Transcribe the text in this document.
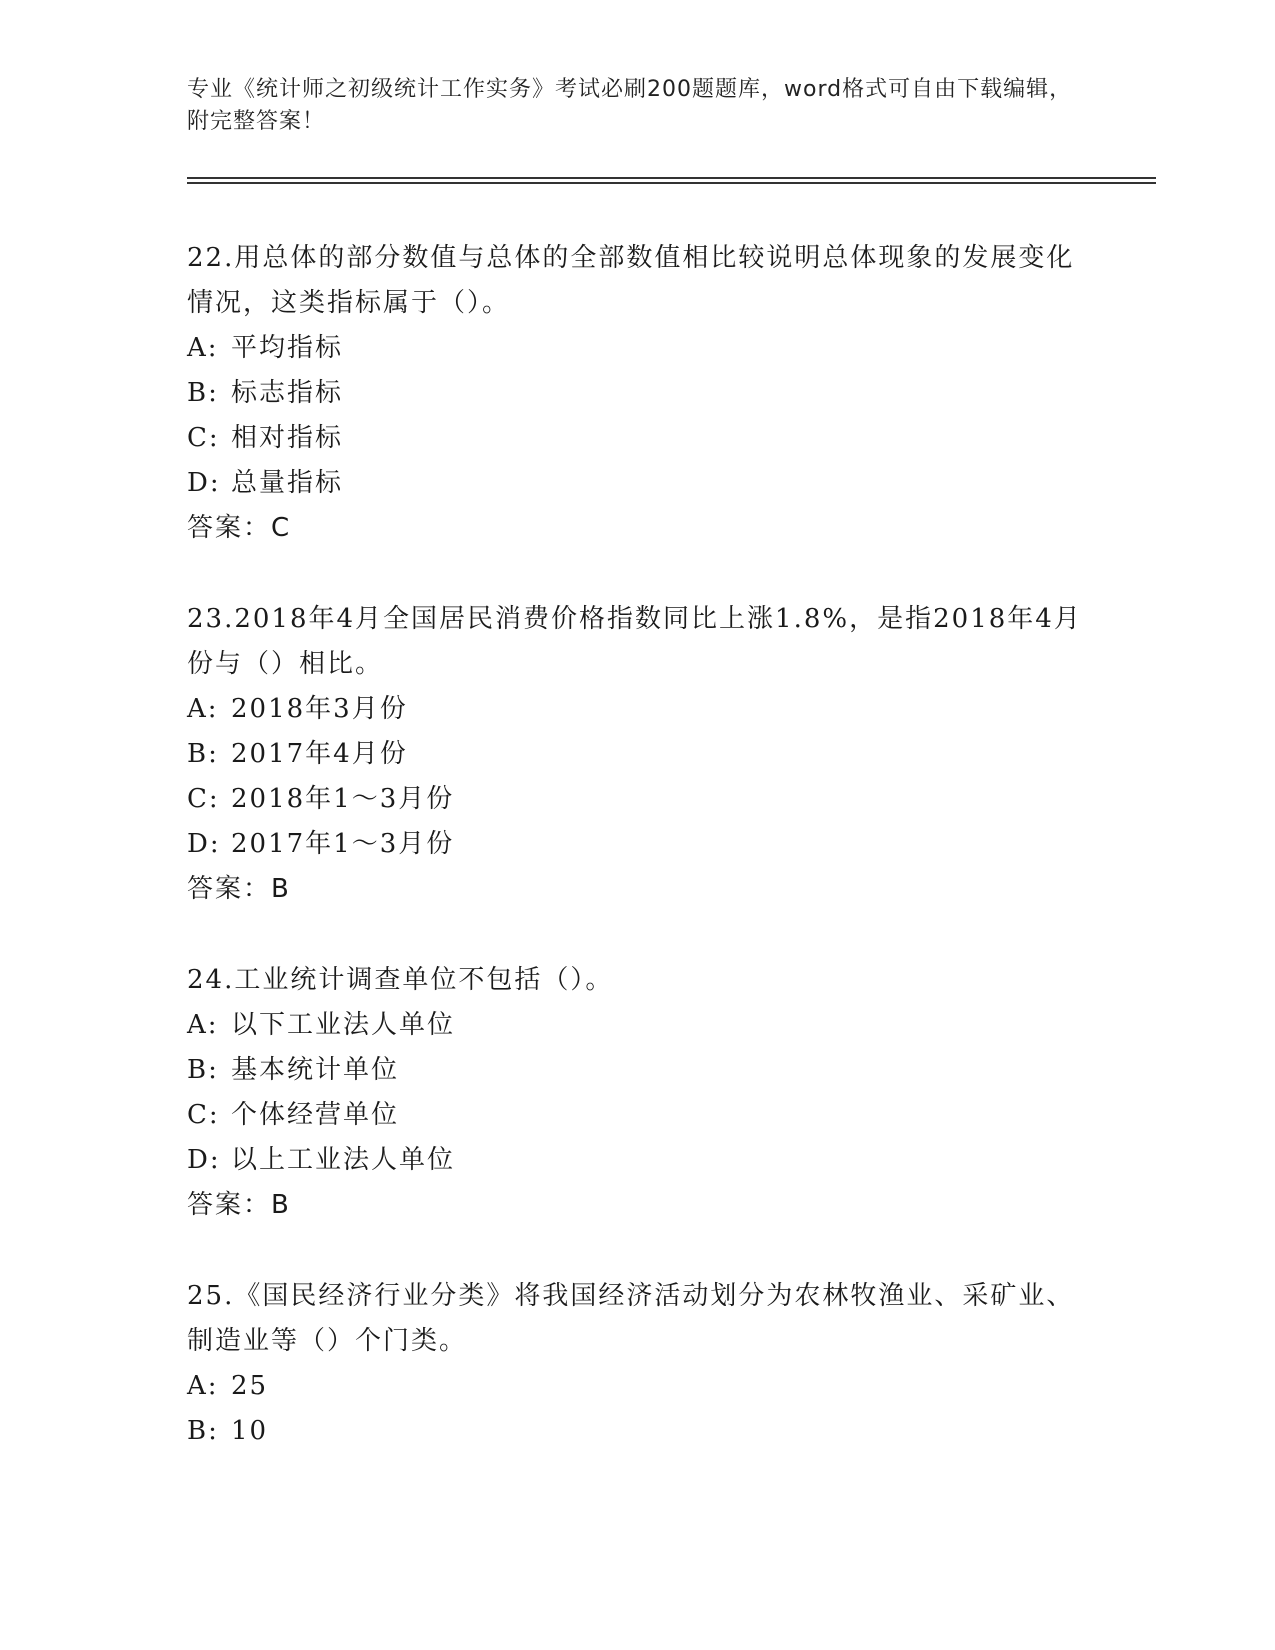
专业《统计师之初级统计工作实务》考试必刷200题题库，word格式可自由下载编辑，附完整答案！

22.用总体的部分数值与总体的全部数值相比较说明总体现象的发展变化情况，这类指标属于（）。

A: 平均指标

B: 标志指标

C: 相对指标

D: 总量指标

答案：C

23.2018年4月全国居民消费价格指数同比上涨1.8%，是指2018年4月份与（）相比。

A: 2018年3月份

B: 2017年4月份

C: 2018年1～3月份

D: 2017年1～3月份

答案：B

24.工业统计调查单位不包括（）。

A: 以下工业法人单位

B: 基本统计单位

C: 个体经营单位

D: 以上工业法人单位

答案：B

25.《国民经济行业分类》将我国经济活动划分为农林牧渔业、采矿业、制造业等（）个门类。

A: 25

B: 10
